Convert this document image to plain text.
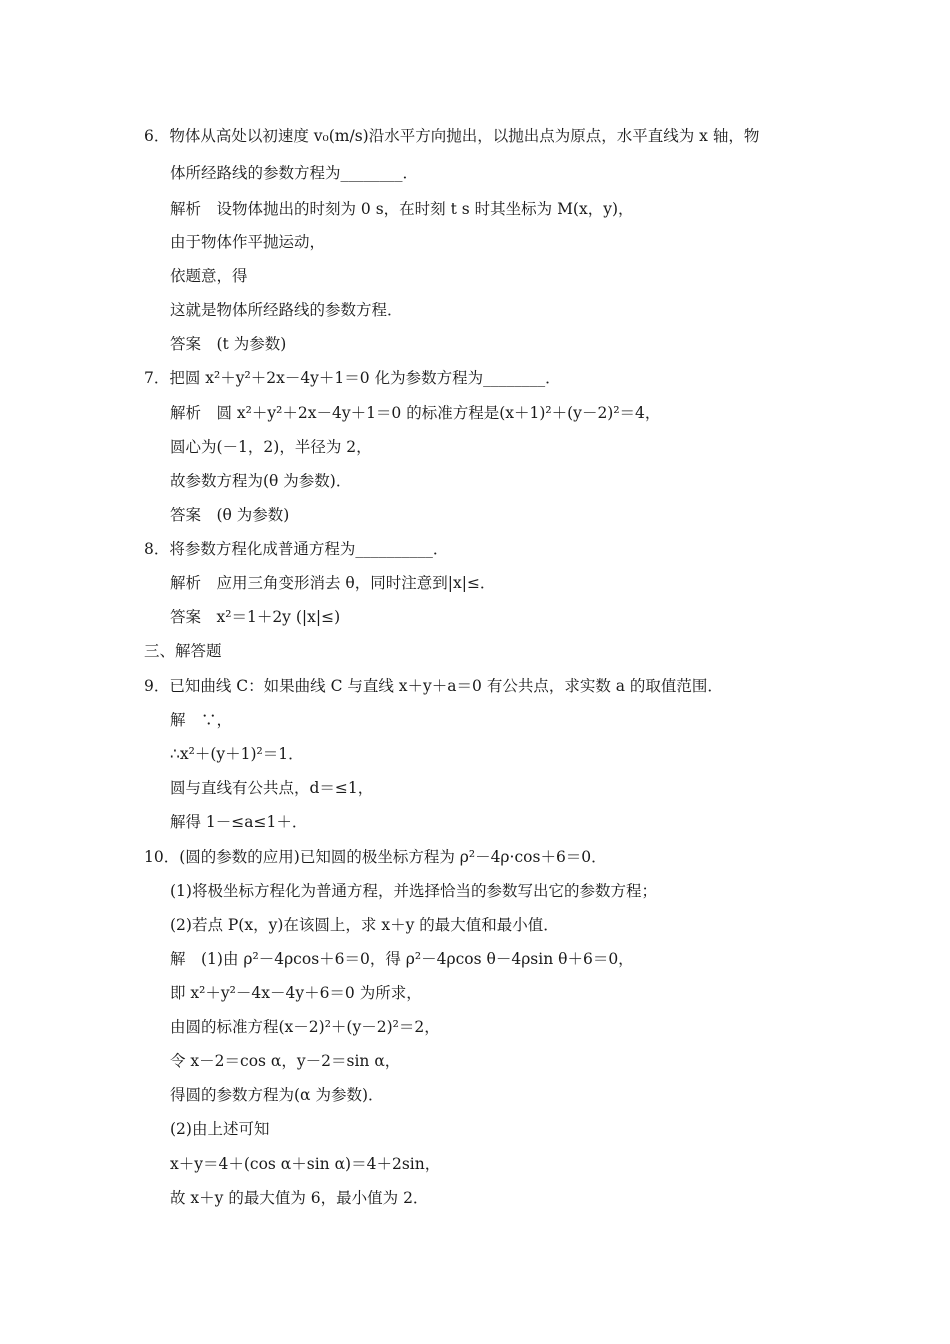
6．物体从高处以初速度 v₀(m/s)沿水平方向抛出，以抛出点为原点，水平直线为 x 轴，物
体所经路线的参数方程为________．
解析　设物体抛出的时刻为 0 s，在时刻 t s 时其坐标为 M(x，y)，
由于物体作平抛运动，
依题意，得
这就是物体所经路线的参数方程．
答案　(t 为参数)
7．把圆 x²＋y²＋2x－4y＋1＝0 化为参数方程为________．
解析　圆 x²＋y²＋2x－4y＋1＝0 的标准方程是(x＋1)²＋(y－2)²＝4，
圆心为(－1，2)，半径为 2，
故参数方程为(θ 为参数)．
答案　(θ 为参数)
8．将参数方程化成普通方程为__________．
解析　应用三角变形消去 θ，同时注意到|x|≤．
答案　x²＝1＋2y (|x|≤)
三、解答题
9．已知曲线 C：如果曲线 C 与直线 x＋y＋a＝0 有公共点，求实数 a 的取值范围．
解　∵，
∴x²＋(y＋1)²＝1．
圆与直线有公共点，d＝≤1，
解得 1－≤a≤1＋．
10．(圆的参数的应用)已知圆的极坐标方程为 ρ²－4ρ·cos＋6＝0．
(1)将极坐标方程化为普通方程，并选择恰当的参数写出它的参数方程；
(2)若点 P(x，y)在该圆上，求 x＋y 的最大值和最小值．
解　(1)由 ρ²－4ρcos＋6＝0，得 ρ²－4ρcos θ－4ρsin θ＋6＝0，
即 x²＋y²－4x－4y＋6＝0 为所求，
由圆的标准方程(x－2)²＋(y－2)²＝2，
令 x－2＝cos α，y－2＝sin α，
得圆的参数方程为(α 为参数)．
(2)由上述可知
x＋y＝4＋(cos α＋sin α)＝4＋2sin，
故 x＋y 的最大值为 6，最小值为 2．
